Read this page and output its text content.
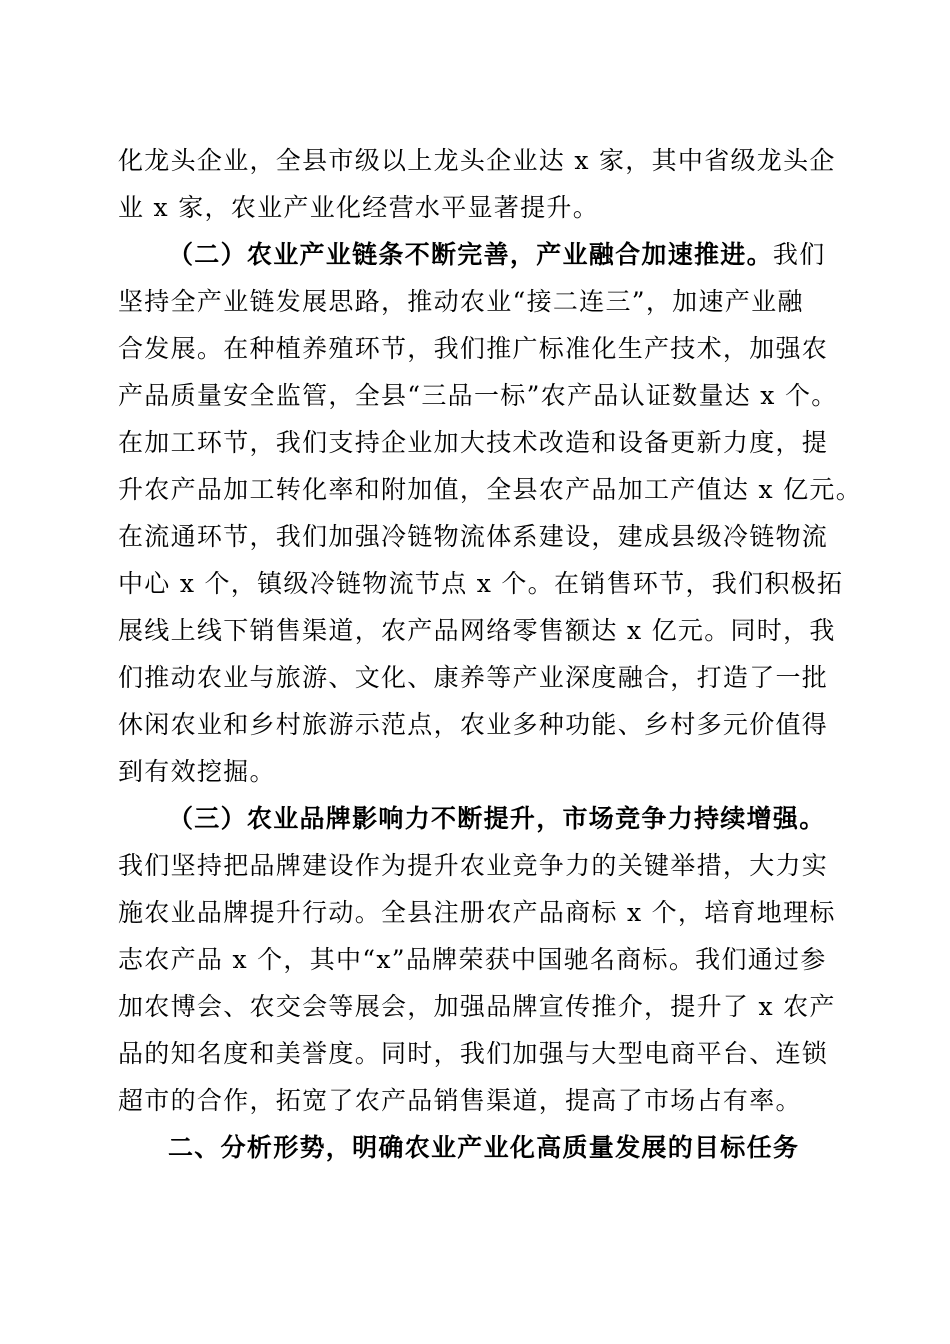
化龙头企业，全县市级以上龙头企业达 x 家，其中省级龙头企
业 x 家，农业产业化经营水平显著提升。
（二）农业产业链条不断完善，产业融合加速推进。我们
坚持全产业链发展思路，推动农业“接二连三”，加速产业融
合发展。在种植养殖环节，我们推广标准化生产技术，加强农
产品质量安全监管，全县“三品一标”农产品认证数量达 x 个。
在加工环节，我们支持企业加大技术改造和设备更新力度，提
升农产品加工转化率和附加值，全县农产品加工产值达 x 亿元。
在流通环节，我们加强冷链物流体系建设，建成县级冷链物流
中心 x 个，镇级冷链物流节点 x 个。在销售环节，我们积极拓
展线上线下销售渠道，农产品网络零售额达 x 亿元。同时，我
们推动农业与旅游、文化、康养等产业深度融合，打造了一批
休闲农业和乡村旅游示范点，农业多种功能、乡村多元价值得
到有效挖掘。
（三）农业品牌影响力不断提升，市场竞争力持续增强。
我们坚持把品牌建设作为提升农业竞争力的关键举措，大力实
施农业品牌提升行动。全县注册农产品商标 x 个，培育地理标
志农产品 x 个，其中“x”品牌荣获中国驰名商标。我们通过参
加农博会、农交会等展会，加强品牌宣传推介，提升了 x 农产
品的知名度和美誉度。同时，我们加强与大型电商平台、连锁
超市的合作，拓宽了农产品销售渠道，提高了市场占有率。
二、分析形势，明确农业产业化高质量发展的目标任务
